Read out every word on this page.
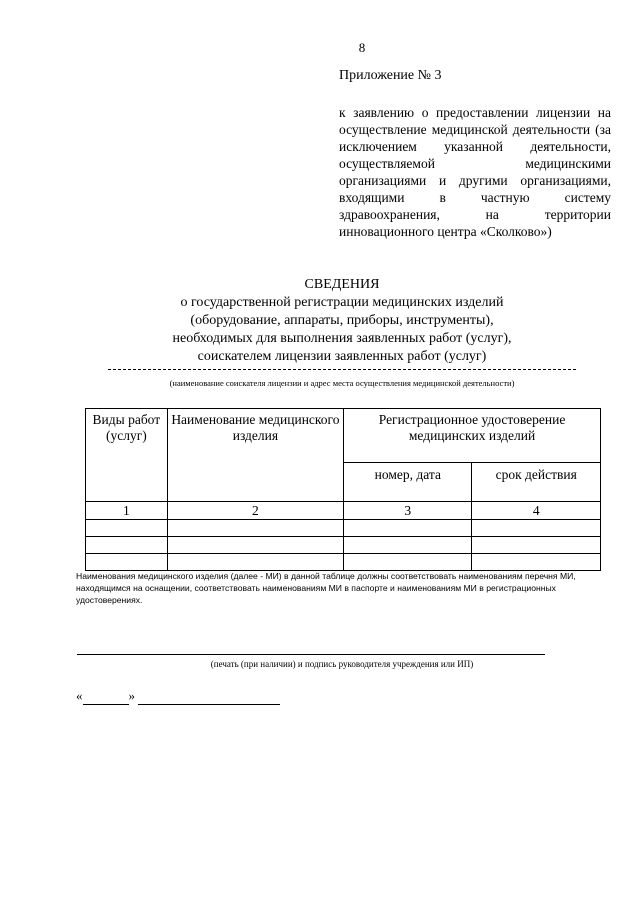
8
Приложение № 3
к заявлению о предоставлении лицензии на осуществление медицинской деятельности (за исключением указанной деятельности, осуществляемой медицинскими организациями и другими организациями, входящими в частную систему здравоохранения, на территории инновационного центра «Сколково»)
СВЕДЕНИЯ
о государственной регистрации медицинских изделий
(оборудование, аппараты, приборы, инструменты),
необходимых для выполнения заявленных работ (услуг),
соискателем лицензии заявленных работ (услуг)
(наименование соискателя лицензии и адрес места осуществления медицинской деятельности)
Виды работ (услуг)	Наименование медицинского изделия	Регистрационное удостоверение медицинских изделий	
		номер, дата	срок действия
1	2	3	4

Наименования медицинского изделия (далее - МИ) в данной таблице должны соответствовать наименованиям перечня МИ, находящимся на оснащении, соответствовать наименованиям МИ в паспорте и наименованиям МИ в регистрационных удостоверениях.
(печать (при наличии) и подпись руководителя учреждения или ИП)
«	»
